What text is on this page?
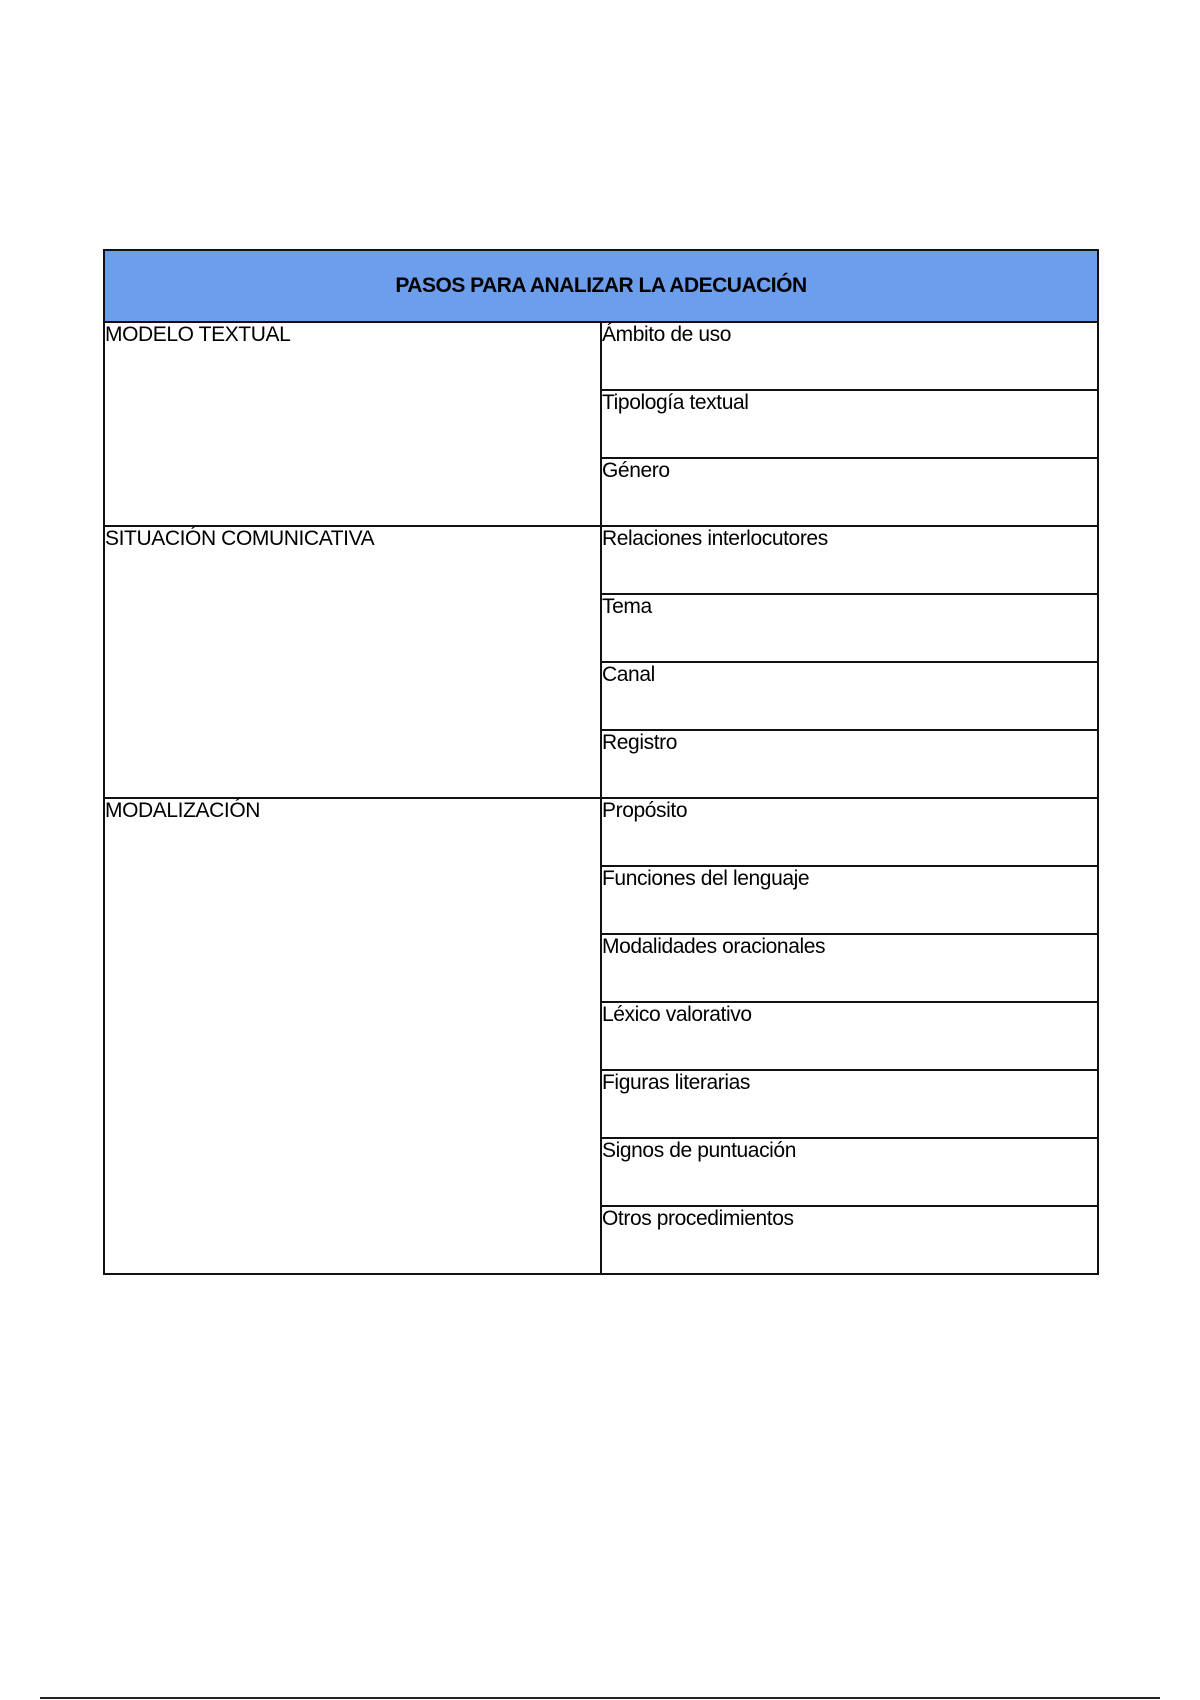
PASOS PARA ANALIZAR LA ADECUACIÓN	
MODELO TEXTUAL	Ámbito de uso
	Tipología textual
	Género
SITUACIÓN COMUNICATIVA	Relaciones interlocutores
	Tema
	Canal
	Registro
MODALIZACIÓN	Propósito
	Funciones del lenguaje
	Modalidades oracionales
	Léxico valorativo
	Figuras literarias
	Signos de puntuación
	Otros procedimientos
